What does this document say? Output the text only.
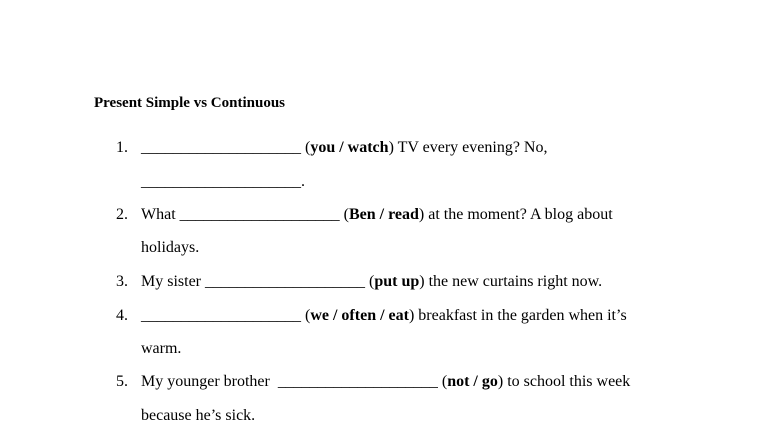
Present Simple vs Continuous
1. ____________________ (you / watch) TV every evening? No,
____________________.
2. What ____________________ (Ben / read) at the moment? A blog about
holidays.
3. My sister ____________________ (put up) the new curtains right now.
4. ____________________ (we / often / eat) breakfast in the garden when it’s
warm.
5. My younger brother  ____________________ (not / go) to school this week
because he’s sick.
